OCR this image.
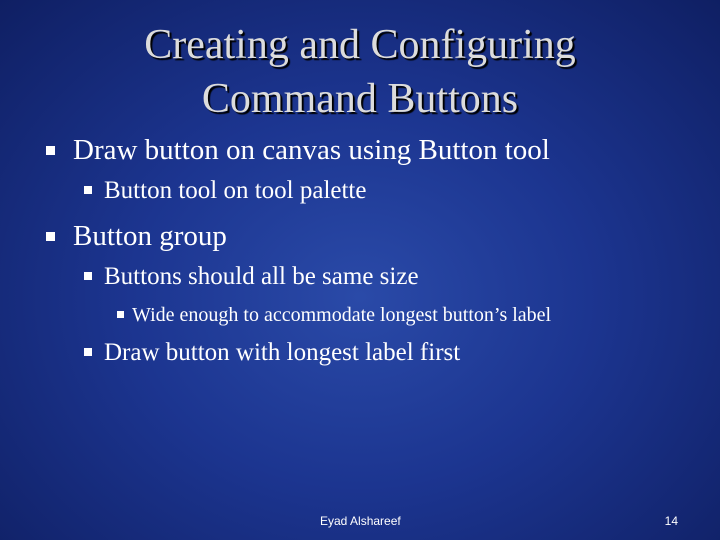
Creating and Configuring
Command Buttons
Draw button on canvas using Button tool
Button tool on tool palette
Button group
Buttons should all be same size
Wide enough to accommodate longest button’s label
Draw button with longest label first
Eyad Alshareef	14
